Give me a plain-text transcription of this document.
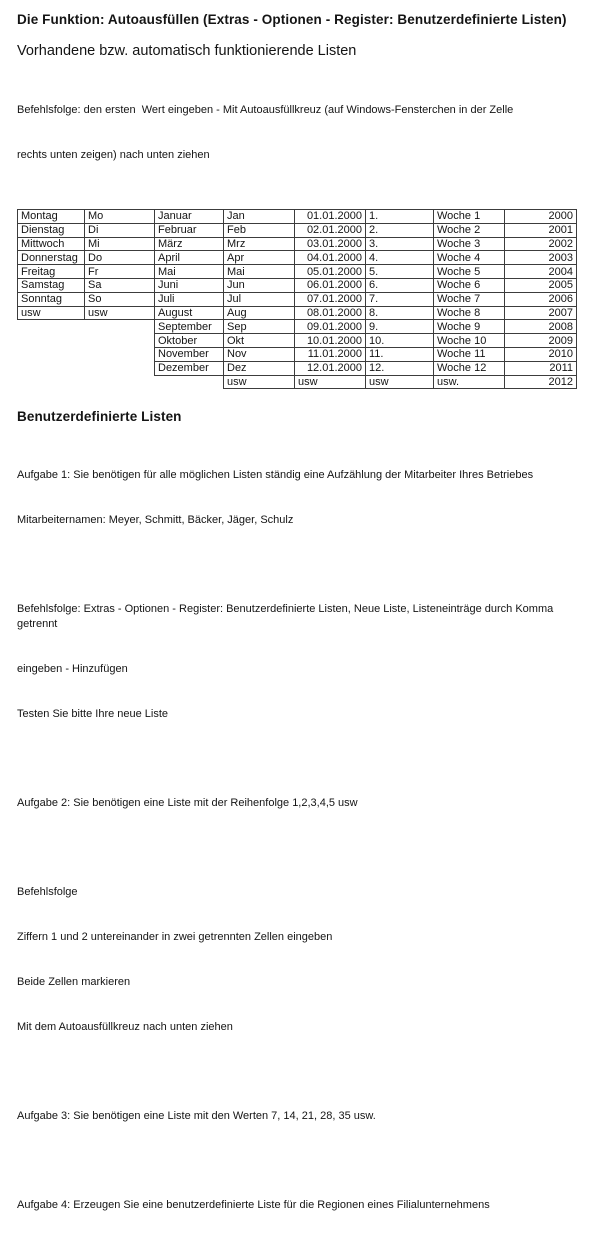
Die Funktion: Autoausfüllen (Extras - Optionen - Register: Benutzerdefinierte Listen)

Vorhandene bzw. automatisch funktionierende Listen

Befehlsfolge: den ersten  Wert eingeben - Mit Autoausfüllkreuz (auf Windows-Fensterchen in der Zelle

rechts unten zeigen) nach unten ziehen

Montag	Mo	Januar	Jan	01.01.2000	1.	Woche 1	2000
Dienstag	Di	Februar	Feb	02.01.2000	2.	Woche 2	2001
Mittwoch	Mi	März	Mrz	03.01.2000	3.	Woche 3	2002
Donnerstag	Do	April	Apr	04.01.2000	4.	Woche 4	2003
Freitag	Fr	Mai	Mai	05.01.2000	5.	Woche 5	2004
Samstag	Sa	Juni	Jun	06.01.2000	6.	Woche 6	2005
Sonntag	So	Juli	Jul	07.01.2000	7.	Woche 7	2006
usw	usw	August	Aug	08.01.2000	8.	Woche 8	2007
		September	Sep	09.01.2000	9.	Woche 9	2008
		Oktober	Okt	10.01.2000	10.	Woche 10	2009
		November	Nov	11.01.2000	11.	Woche 11	2010
		Dezember	Dez	12.01.2000	12.	Woche 12	2011
			usw	usw	usw	usw.	2012
Benutzerdefinierte Listen

Aufgabe 1: Sie benötigen für alle möglichen Listen ständig eine Aufzählung der Mitarbeiter Ihres Betriebes

Mitarbeiternamen: Meyer, Schmitt, Bäcker, Jäger, Schulz

Befehlsfolge: Extras - Optionen - Register: Benutzerdefinierte Listen, Neue Liste, Listeneinträge durch Komma getrennt

eingeben - Hinzufügen

Testen Sie bitte Ihre neue Liste

Aufgabe 2: Sie benötigen eine Liste mit der Reihenfolge 1,2,3,4,5 usw

Befehlsfolge

Ziffern 1 und 2 untereinander in zwei getrennten Zellen eingeben

Beide Zellen markieren

Mit dem Autoausfüllkreuz nach unten ziehen

Aufgabe 3: Sie benötigen eine Liste mit den Werten 7, 14, 21, 28, 35 usw.

Aufgabe 4: Erzeugen Sie eine benutzerdefinierte Liste für die Regionen eines Filialunternehmens
